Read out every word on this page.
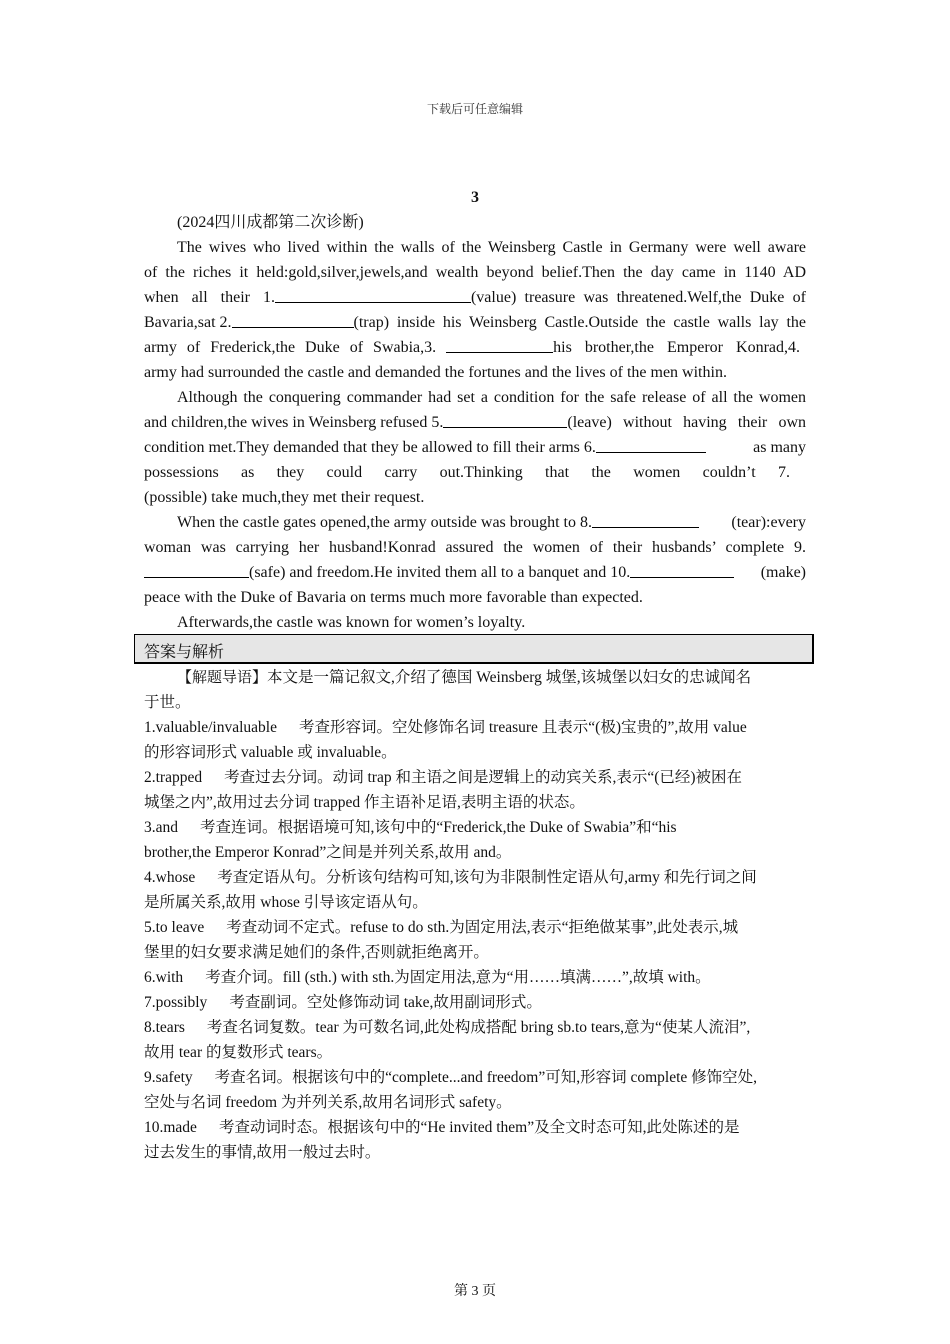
下载后可任意编辑
3
(2024四川成都第二次诊断)
The wives who lived within the walls of the Weinsberg Castle in Germany were well aware
of the riches it held:gold,silver,jewels,and wealth beyond belief.Then the day came in 1140 AD
when all their 1.	(value) treasure was threatened.Welf,the Duke of
Bavaria,sat 2.	(trap) inside his Weinsberg Castle.Outside the castle walls lay the
army of Frederick,the Duke of Swabia,3.	his brother,the Emperor Konrad,4.
army had surrounded the castle and demanded the fortunes and the lives of the men within.
Although the conquering commander had set a condition for the safe release of all the women
and children,the wives in Weinsberg refused 5.	(leave) without having their own
condition met.They demanded that they be allowed to fill their arms 6.	as many
possessions as they could carry out.Thinking that the women couldn’t 7.
(possible) take much,they met their request.
When the castle gates opened,the army outside was brought to 8.	(tear):every
woman was carrying her husband!Konrad assured the women of their husbands’ complete 9.
(safe) and freedom.He invited them all to a banquet and 10.	(make)
peace with the Duke of Bavaria on terms much more favorable than expected.
Afterwards,the castle was known for women’s loyalty.
答案与解析
【解题导语】本文是一篇记叙文,介绍了德国 Weinsberg 城堡,该城堡以妇女的忠诚闻名
于世。
1.valuable/invaluable 考查形容词。空处修饰名词 treasure 且表示“(极)宝贵的”,故用 value
的形容词形式 valuable 或 invaluable。
2.trapped 考查过去分词。动词 trap 和主语之间是逻辑上的动宾关系,表示“(已经)被困在
城堡之内”,故用过去分词 trapped 作主语补足语,表明主语的状态。
3.and 考查连词。根据语境可知,该句中的“Frederick,the Duke of Swabia”和“his
brother,the Emperor Konrad”之间是并列关系,故用 and。
4.whose 考查定语从句。分析该句结构可知,该句为非限制性定语从句,army 和先行词之间
是所属关系,故用 whose 引导该定语从句。
5.to leave 考查动词不定式。refuse to do sth.为固定用法,表示“拒绝做某事”,此处表示,城
堡里的妇女要求满足她们的条件,否则就拒绝离开。
6.with 考查介词。fill (sth.) with sth.为固定用法,意为“用……填满……”,故填 with。
7.possibly 考查副词。空处修饰动词 take,故用副词形式。
8.tears 考查名词复数。tear 为可数名词,此处构成搭配 bring sb.to tears,意为“使某人流泪”,
故用 tear 的复数形式 tears。
9.safety 考查名词。根据该句中的“complete...and freedom”可知,形容词 complete 修饰空处,
空处与名词 freedom 为并列关系,故用名词形式 safety。
10.made 考查动词时态。根据该句中的“He invited them”及全文时态可知,此处陈述的是
过去发生的事情,故用一般过去时。
第 3 页
